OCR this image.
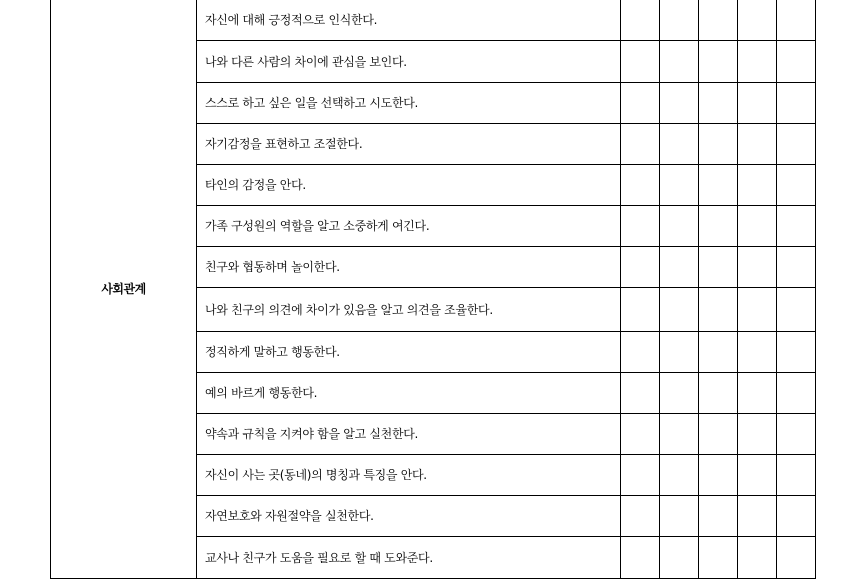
사회관계	자신에 대해 긍정적으로 인식한다.					
	나와 다른 사람의 차이에 관심을 보인다.					
	스스로 하고 싶은 일을 선택하고 시도한다.					
	자기감정을 표현하고 조절한다.					
	타인의 감정을 안다.					
	가족 구성원의 역할을 알고 소중하게 여긴다.					
	친구와 협동하며 놀이한다.					
	나와 친구의 의견에 차이가 있음을 알고 의견을 조율한다.					
	정직하게 말하고 행동한다.					
	예의 바르게 행동한다.					
	약속과 규칙을 지켜야 함을 알고 실천한다.					
	자신이 사는 곳(동네)의 명칭과 특징을 안다.					
	자연보호와 자원절약을 실천한다.					
	교사나 친구가 도움을 필요로 할 때 도와준다.					
